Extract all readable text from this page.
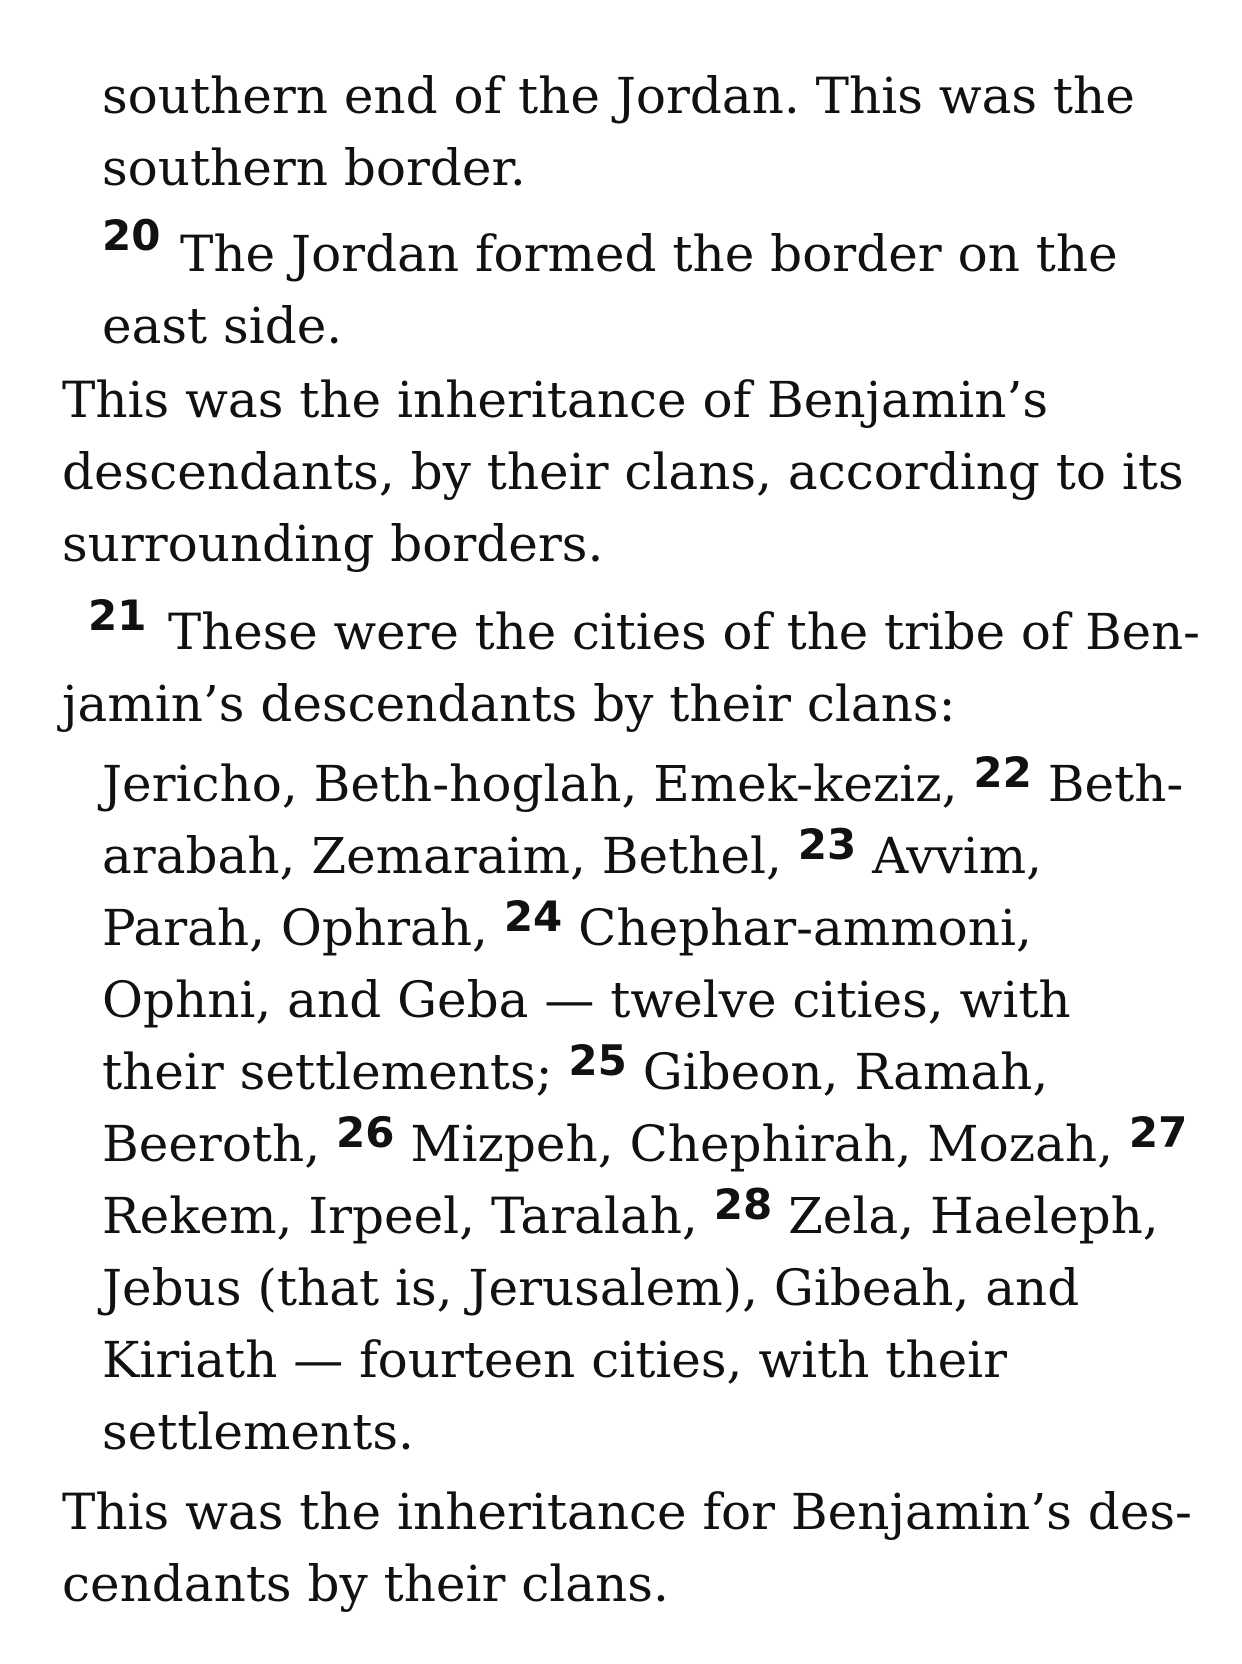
southern end of the Jordan. This was the
southern border.
20 The Jordan formed the border on the
east side.
This was the inheritance of Benjamin’s
descendants, by their clans, according to its
surrounding borders.
21 These were the cities of the tribe of Ben-
jamin’s descendants by their clans:
Jericho, Beth-hoglah, Emek-keziz, $^{22}$ Beth-
arabah, Zemaraim, Bethel, $^{23}$ Avvim,
Parah, Ophrah, $^{24}$ Chephar-ammoni,
Ophni, and Geba — twelve cities, with
their settlements; $^{25}$ Gibeon, Ramah,
Beeroth, $^{26}$ Mizpeh, Chephirah, Mozah, $^{27}$
Rekem, Irpeel, Taralah, $^{28}$ Zela, Haeleph,
Jebus (that is, Jerusalem), Gibeah, and
Kiriath — fourteen cities, with their
settlements.
This was the inheritance for Benjamin’s des-
cendants by their clans.
